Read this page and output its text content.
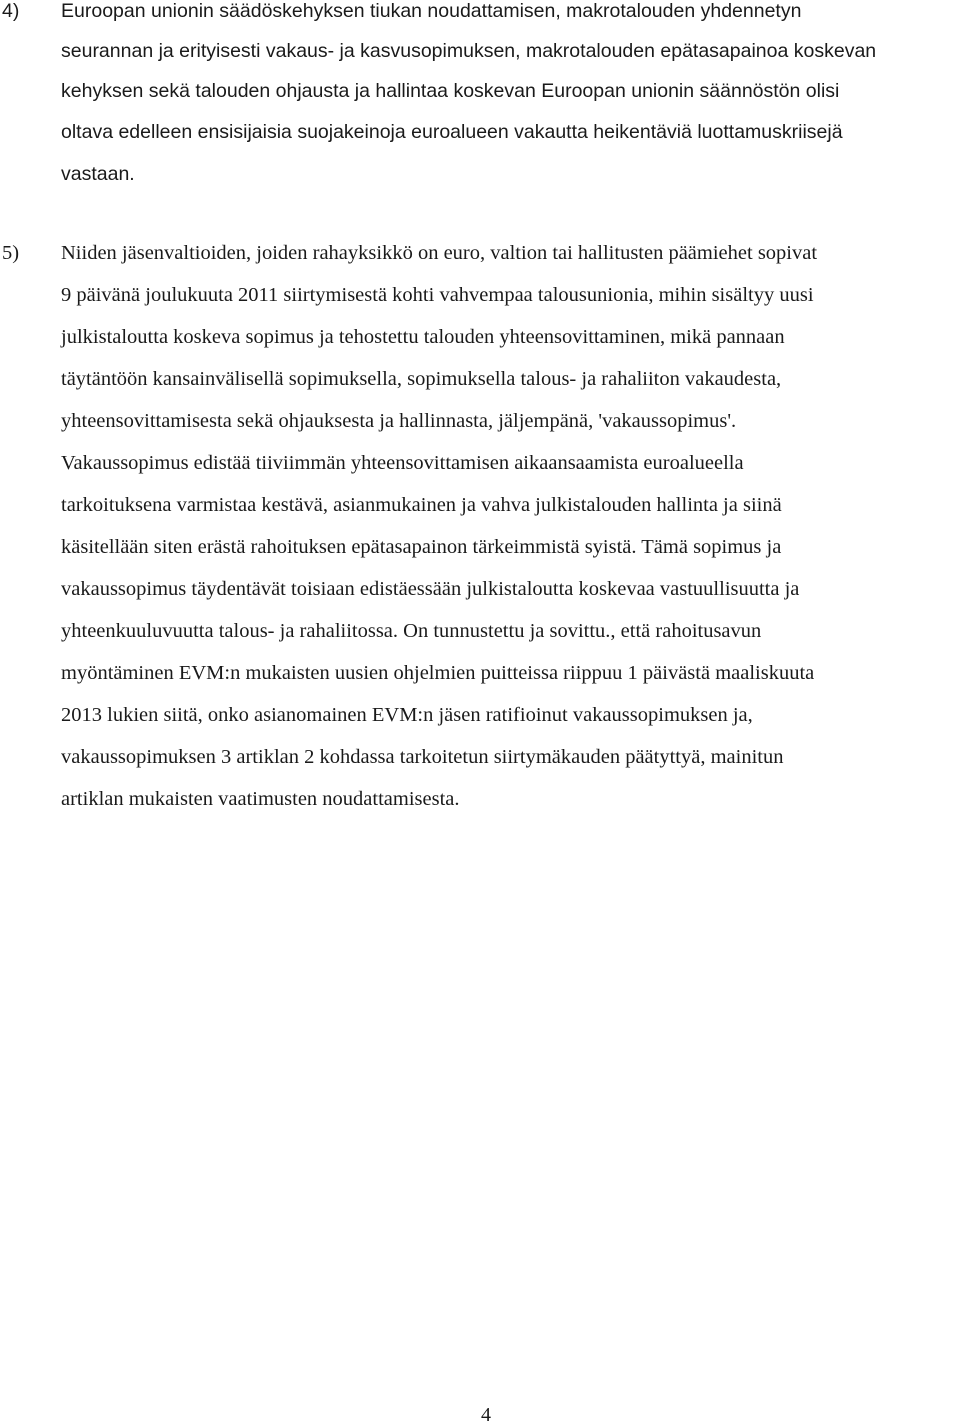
4) Euroopan unionin säädöskehyksen tiukan noudattamisen, makrotalouden yhdennetyn
seurannan ja erityisesti vakaus- ja kasvusopimuksen, makrotalouden epätasapainoa koskevan
kehyksen sekä talouden ohjausta ja hallintaa koskevan Euroopan unionin säännöstön olisi
oltava edelleen ensisijaisia suojakeinoja euroalueen vakautta heikentäviä luottamuskriisejä
vastaan.
5) Niiden jäsenvaltioiden, joiden rahayksikkö on euro, valtion tai hallitusten päämiehet sopivat
9 päivänä joulukuuta 2011 siirtymisestä kohti vahvempaa talousunionia, mihin sisältyy uusi
julkistaloutta koskeva sopimus ja tehostettu talouden yhteensovittaminen, mikä pannaan
täytäntöön kansainvälisellä sopimuksella, sopimuksella talous- ja rahaliiton vakaudesta,
yhteensovittamisesta sekä ohjauksesta ja hallinnasta, jäljempänä, 'vakaussopimus'.
Vakaussopimus edistää tiiviimmän yhteensovittamisen aikaansaamista euroalueella
tarkoituksena varmistaa kestävä, asianmukainen ja vahva julkistalouden hallinta ja siinä
käsitellään siten erästä rahoituksen epätasapainon tärkeimmistä syistä. Tämä sopimus ja
vakaussopimus täydentävät toisiaan edistäessään julkistaloutta koskevaa vastuullisuutta ja
yhteenkuuluvuutta talous- ja rahaliitossa. On tunnustettu ja sovittu., että rahoitusavun
myöntäminen EVM:n mukaisten uusien ohjelmien puitteissa riippuu 1 päivästä maaliskuuta
2013 lukien siitä, onko asianomainen EVM:n jäsen ratifioinut vakaussopimuksen ja,
vakaussopimuksen 3 artiklan 2 kohdassa tarkoitetun siirtymäkauden päätyttyä, mainitun
artiklan mukaisten vaatimusten noudattamisesta.
4
